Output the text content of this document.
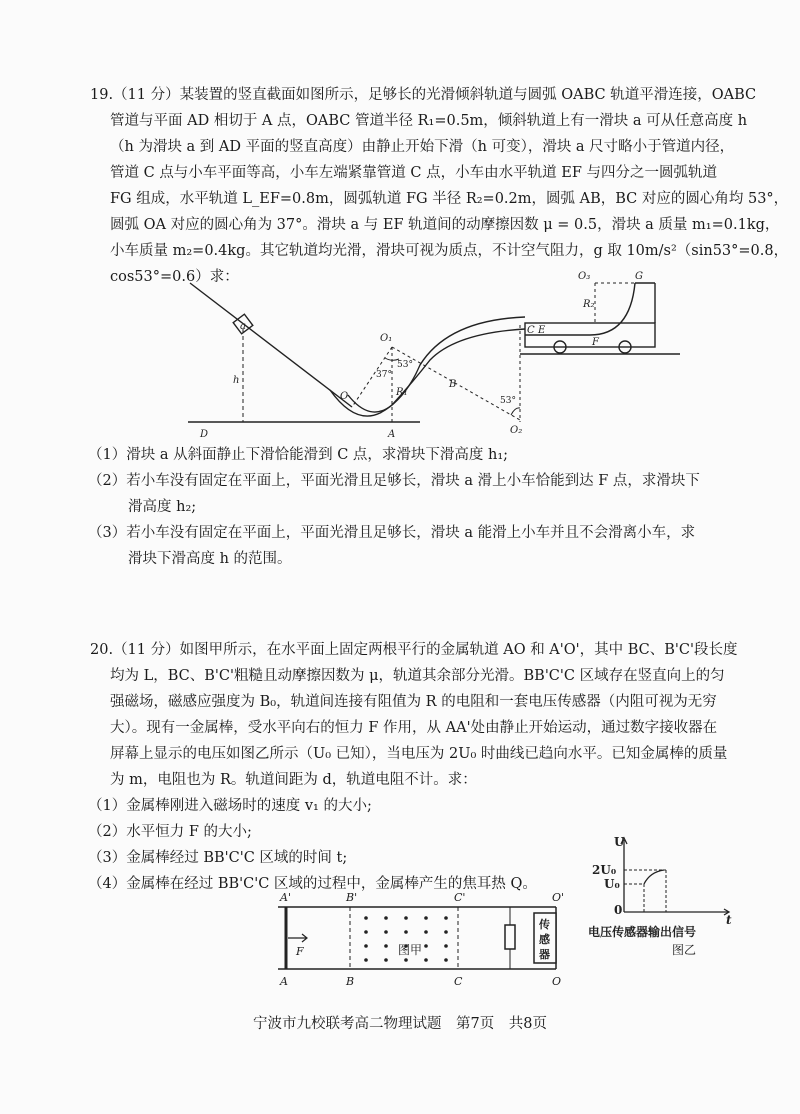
19.（11 分）某装置的竖直截面如图所示，足够长的光滑倾斜轨道与圆弧 OABC 轨道平滑连接，OABC
管道与平面 AD 相切于 A 点，OABC 管道半径 R₁=0.5m，倾斜轨道上有一滑块 a 可从任意高度 h
（h 为滑块 a 到 AD 平面的竖直高度）由静止开始下滑（h 可变），滑块 a 尺寸略小于管道内径，
管道 C 点与小车平面等高，小车左端紧靠管道 C 点，小车由水平轨道 EF 与四分之一圆弧轨道
FG 组成，水平轨道 L_EF=0.8m，圆弧轨道 FG 半径 R₂=0.2m，圆弧 AB，BC 对应的圆心角均 53°，
圆弧 OA 对应的圆心角为 37°。滑块 a 与 EF 轨道间的动摩擦因数 μ = 0.5，滑块 a 质量 m₁=0.1kg，
小车质量 m₂=0.4kg。其它轨道均光滑，滑块可视为质点，不计空气阻力，g 取 10m/s²（sin53°=0.8，
cos53°=0.6）求：
a
h
D	A
O
O₁
O₂
O₃
R₁
R₂
B
C E
F
G
37°
53°
53°
（1）滑块 a 从斜面静止下滑恰能滑到 C 点，求滑块下滑高度 h₁;
（2）若小车没有固定在平面上，平面光滑且足够长，滑块 a 滑上小车恰能到达 F 点，求滑块下
滑高度 h₂;
（3）若小车没有固定在平面上，平面光滑且足够长，滑块 a 能滑上小车并且不会滑离小车，求
滑块下滑高度 h 的范围。
20.（11 分）如图甲所示，在水平面上固定两根平行的金属轨道 AO 和 A'O'，其中 BC、B'C'段长度
均为 L，BC、B'C'粗糙且动摩擦因数为 μ，轨道其余部分光滑。BB'C'C 区域存在竖直向上的匀
强磁场，磁感应强度为 B₀，轨道间连接有阻值为 R 的电阻和一套电压传感器（内阻可视为无穷
大）。现有一金属棒，受水平向右的恒力 F 作用，从 AA'处由静止开始运动，通过数字接收器在
屏幕上显示的电压如图乙所示（U₀ 已知），当电压为 2U₀ 时曲线已趋向水平。已知金属棒的质量
为 m，电阻也为 R。轨道间距为 d，轨道电阻不计。求：
（1）金属棒刚进入磁场时的速度 v₁ 的大小;
（2）水平恒力 F 的大小;
（3）金属棒经过 BB'C'C 区域的时间 t;
（4）金属棒在经过 BB'C'C 区域的过程中，金属棒产生的焦耳热 Q。
A'	B'	C'	O'
A	B	C	O
F
传
感
器
图甲
U
2U₀
U₀
0
t
电压传感器输出信号
图乙
宁波市九校联考高二物理试题　第7页　共8页
